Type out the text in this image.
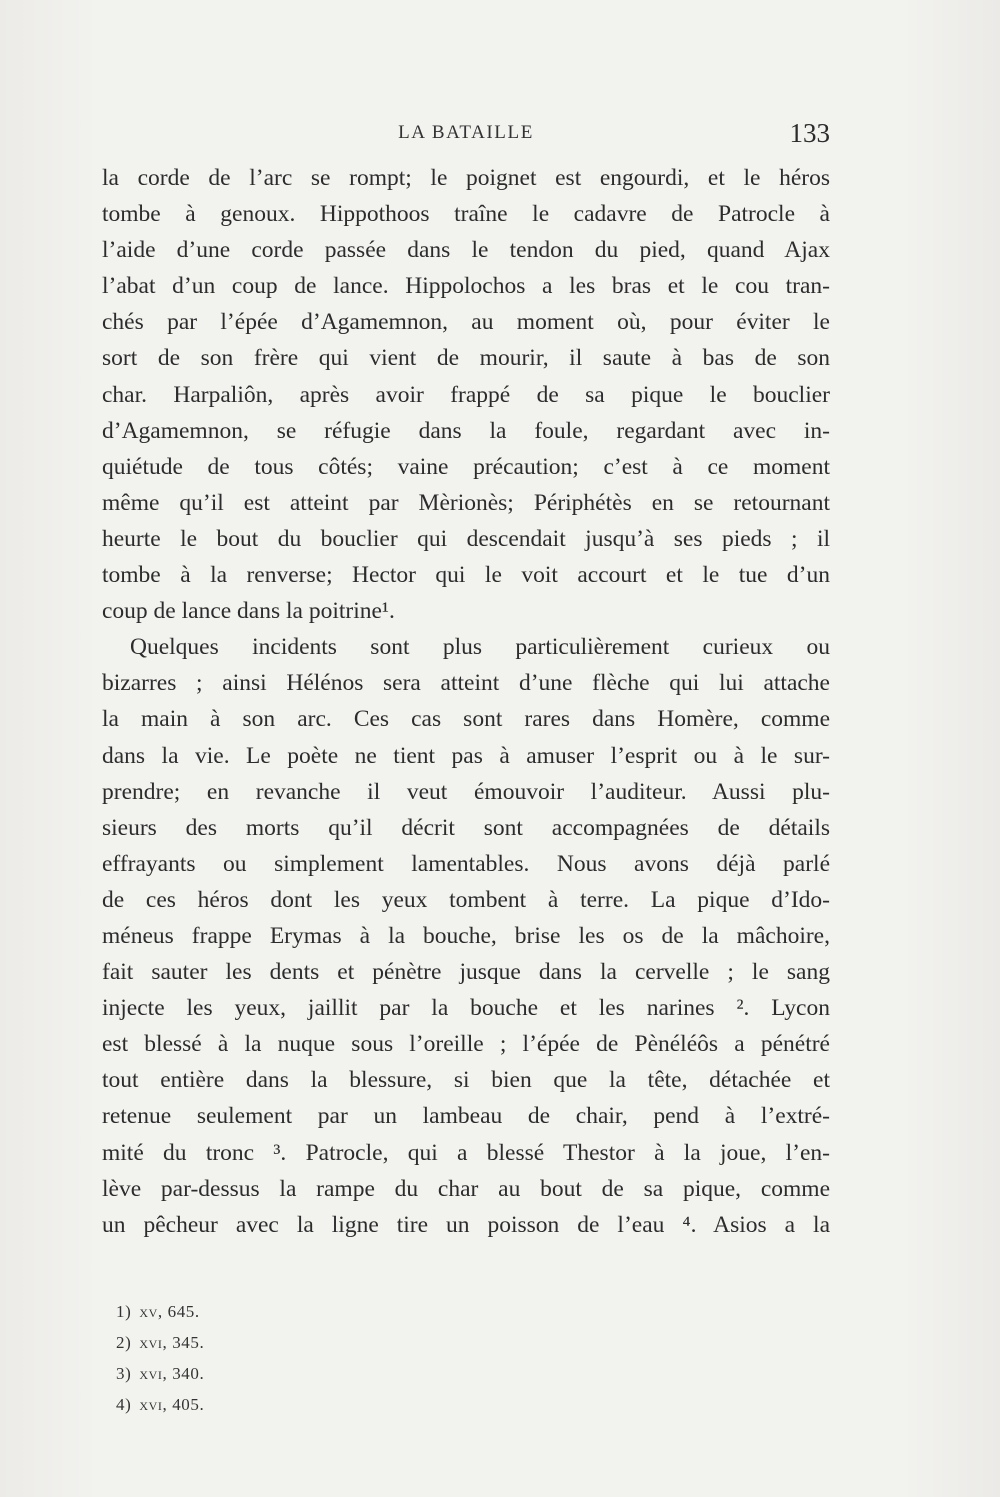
LA BATAILLE	133
la corde de l’arc se rompt; le poignet est engourdi, et le héros
tombe à genoux. Hippothoos traîne le cadavre de Patrocle à
l’aide d’une corde passée dans le tendon du pied, quand Ajax
l’abat d’un coup de lance. Hippolochos a les bras et le cou tran-
chés par l’épée d’Agamemnon, au moment où, pour éviter le
sort de son frère qui vient de mourir, il saute à bas de son
char. Harpaliôn, après avoir frappé de sa pique le bouclier
d’Agamemnon, se réfugie dans la foule, regardant avec in-
quiétude de tous côtés; vaine précaution; c’est à ce moment
même qu’il est atteint par Mèrionès; Périphétès en se retournant
heurte le bout du bouclier qui descendait jusqu’à ses pieds ; il
tombe à la renverse; Hector qui le voit accourt et le tue d’un
coup de lance dans la poitrine¹.
Quelques incidents sont plus particulièrement curieux ou
bizarres ; ainsi Hélénos sera atteint d’une flèche qui lui attache
la main à son arc. Ces cas sont rares dans Homère, comme
dans la vie. Le poète ne tient pas à amuser l’esprit ou à le sur-
prendre; en revanche il veut émouvoir l’auditeur. Aussi plu-
sieurs des morts qu’il décrit sont accompagnées de détails
effrayants ou simplement lamentables. Nous avons déjà parlé
de ces héros dont les yeux tombent à terre. La pique d’Ido-
méneus frappe Erymas à la bouche, brise les os de la mâchoire,
fait sauter les dents et pénètre jusque dans la cervelle ; le sang
injecte les yeux, jaillit par la bouche et les narines ². Lycon
est blessé à la nuque sous l’oreille ; l’épée de Pènéléôs a pénétré
tout entière dans la blessure, si bien que la tête, détachée et
retenue seulement par un lambeau de chair, pend à l’extré-
mité du tronc ³. Patrocle, qui a blessé Thestor à la joue, l’en-
lève par-dessus la rampe du char au bout de sa pique, comme
un pêcheur avec la ligne tire un poisson de l’eau ⁴. Asios a la
1) xv, 645.
2) xvi, 345.
3) xvi, 340.
4) xvi, 405.
